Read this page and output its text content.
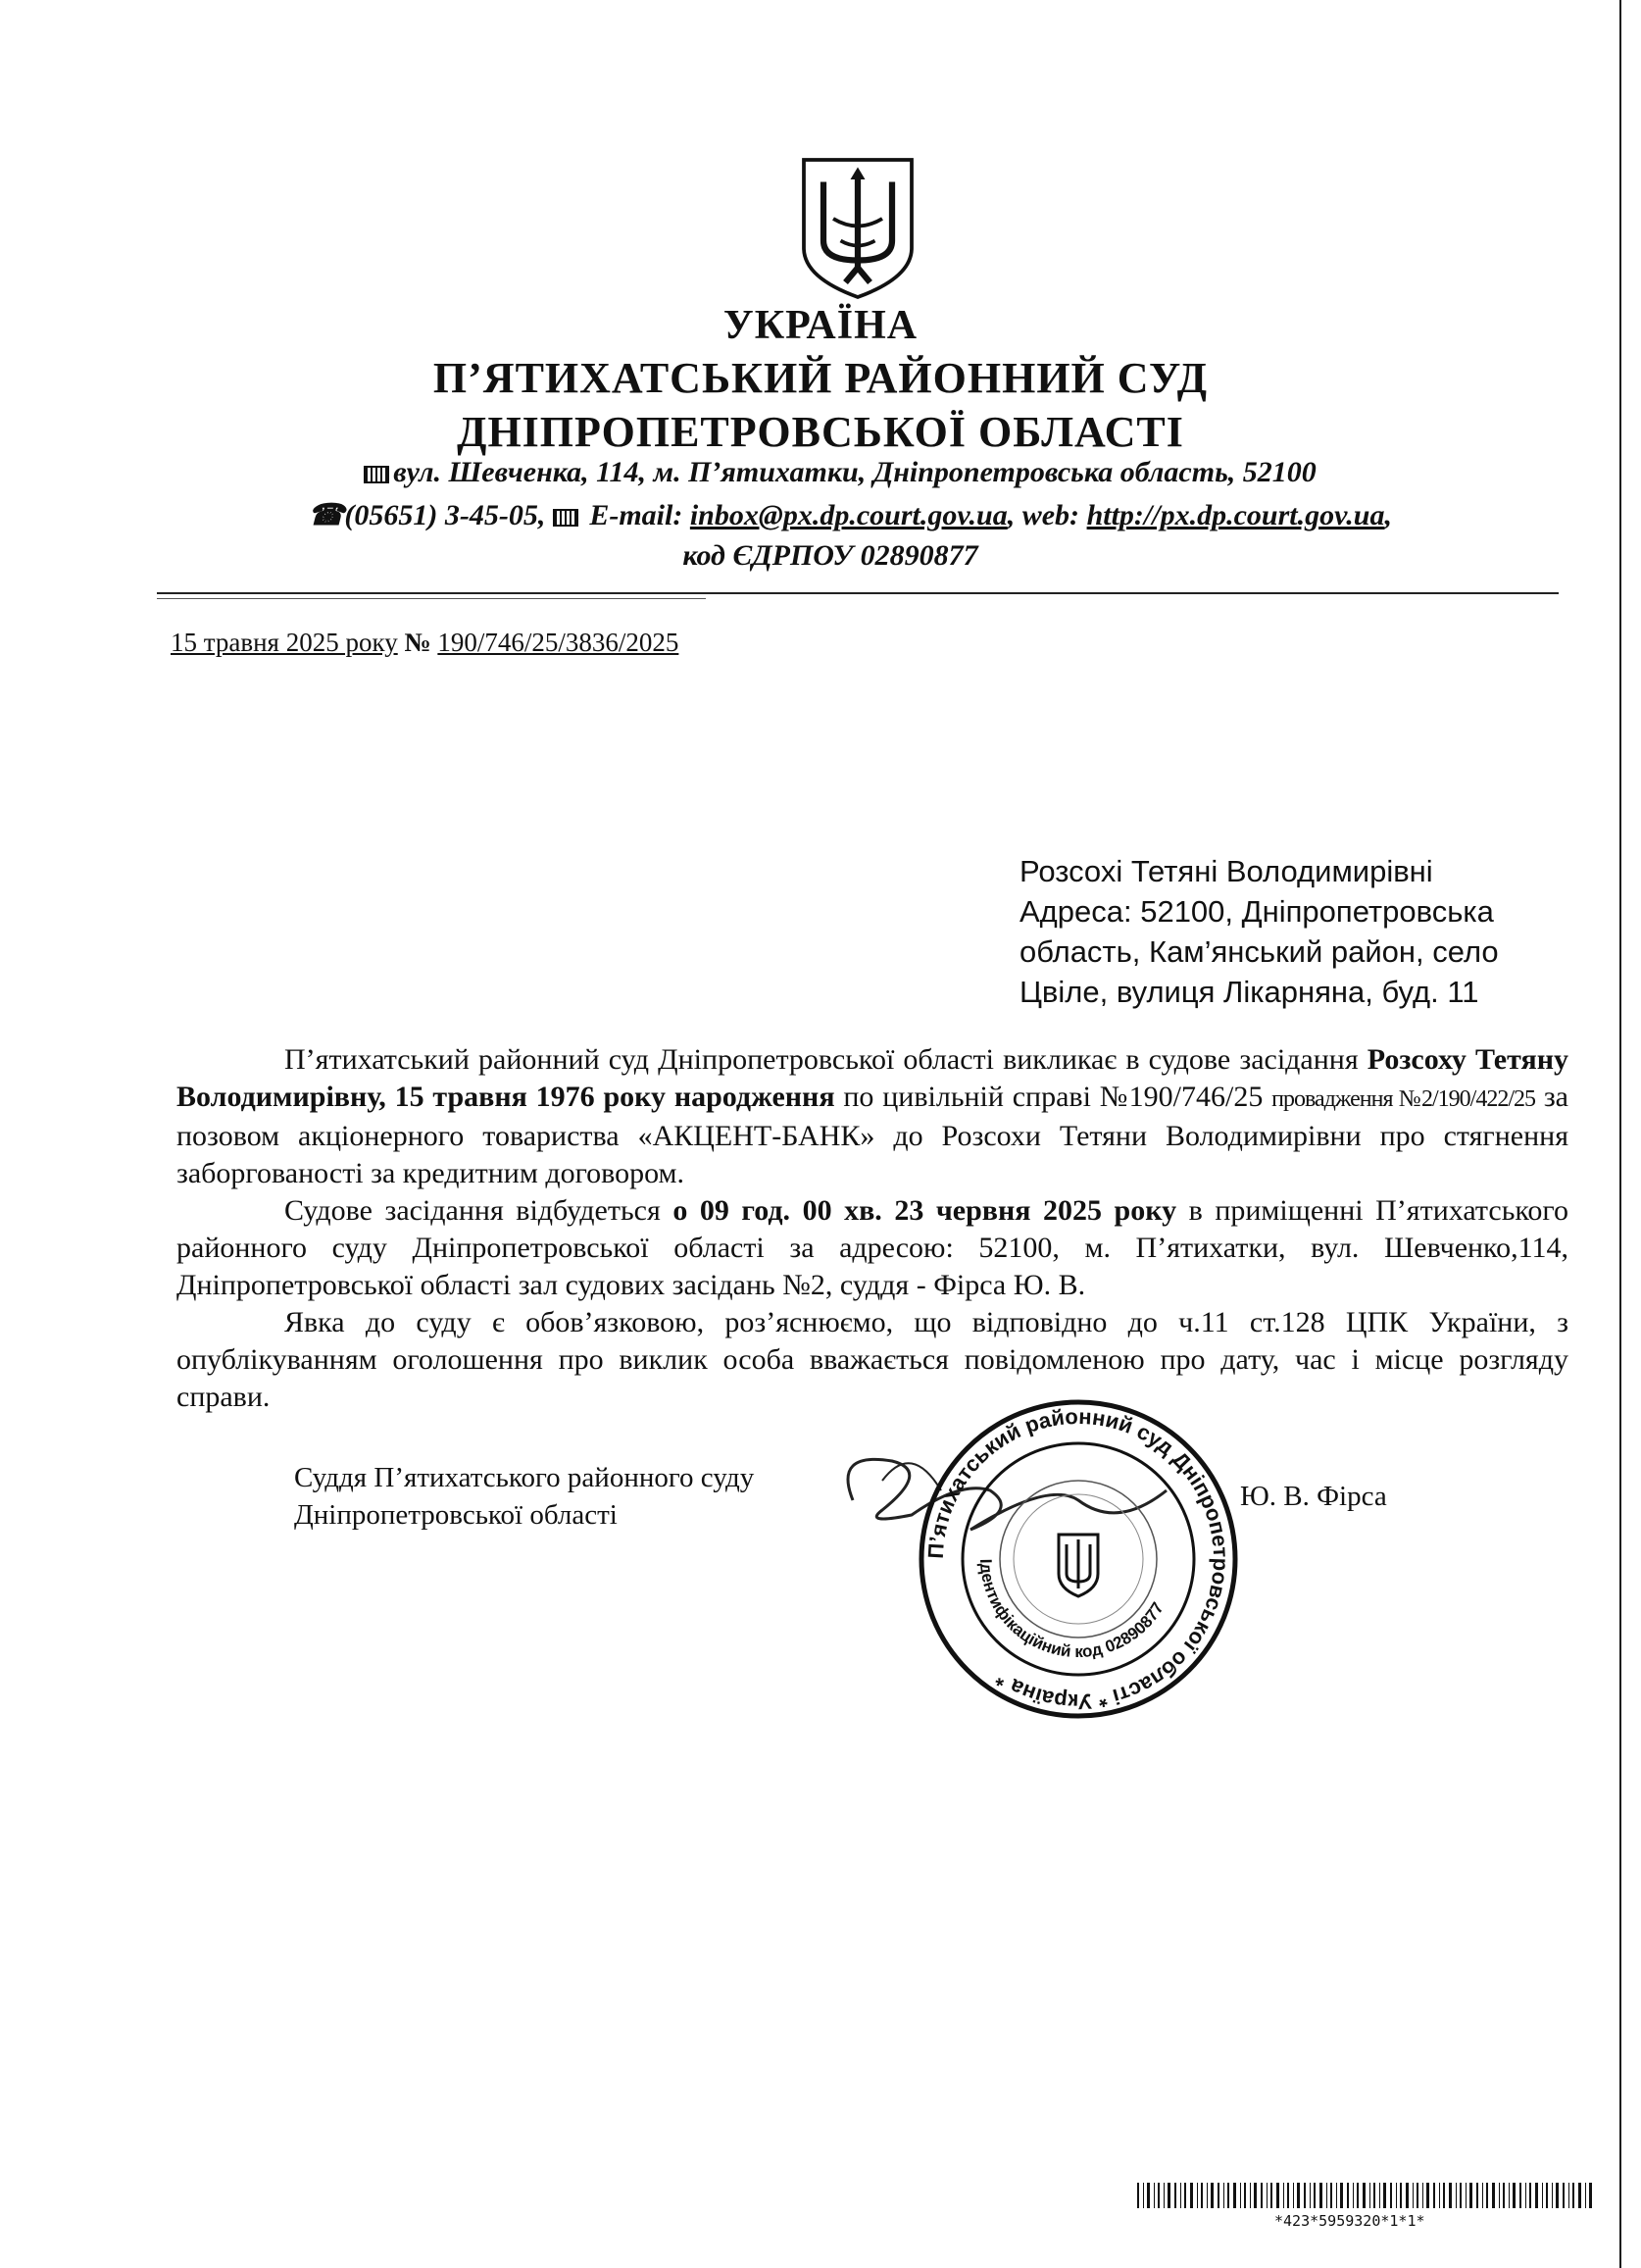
УКРАЇНА
П’ЯТИХАТСЬКИЙ РАЙОННИЙ СУД
ДНІПРОПЕТРОВСЬКОЇ ОБЛАСТІ
вул. Шевченка, 114, м. П’ятихатки, Дніпропетровська область, 52100
☎(05651) 3-45-05,  E-mail: inbox@px.dp.court.gov.ua, web: http://px.dp.court.gov.ua,
код ЄДРПОУ 02890877
15 травня 2025 року № 190/746/25/3836/2025
Розсохі Тетяні Володимирівні
Адреса: 52100, Дніпропетровська
область, Кам’янський район, село
Цвіле, вулиця Лікарняна, буд. 11

П’ятихатський районний суд Дніпропетровської області викликає в судове засідання Розсоху Тетяну Володимирівну, 15 травня 1976 року народження по цивільній справі №190/746/25 провадження №2/190/422/25 за позовом акціонерного товариства «АКЦЕНТ-БАНК» до Розсохи Тетяни Володимирівни про стягнення заборгованості за кредитним договором.

Судове засідання відбудеться о 09 год. 00 хв. 23 червня 2025 року в приміщенні П’ятихатського районного суду Дніпропетровської області за адресою: 52100, м. П’ятихатки, вул. Шевченко,114, Дніпропетровської області зал судових засідань №2, суддя - Фірса Ю. В.

Явка до суду є обов’язковою, роз’яснюємо, що відповідно до ч.11 ст.128 ЦПК України, з опублікуванням оголошення про виклик особа вважається повідомленою про дату, час і місце розгляду справи.

Суддя П’ятихатського районного суду
Дніпропетровської області
Ю. В. Фірса
П’ятихатський районний суд Дніпропетровської області * Україна *
Ідентифікаційний код 02890877
*423*5959320*1*1*
